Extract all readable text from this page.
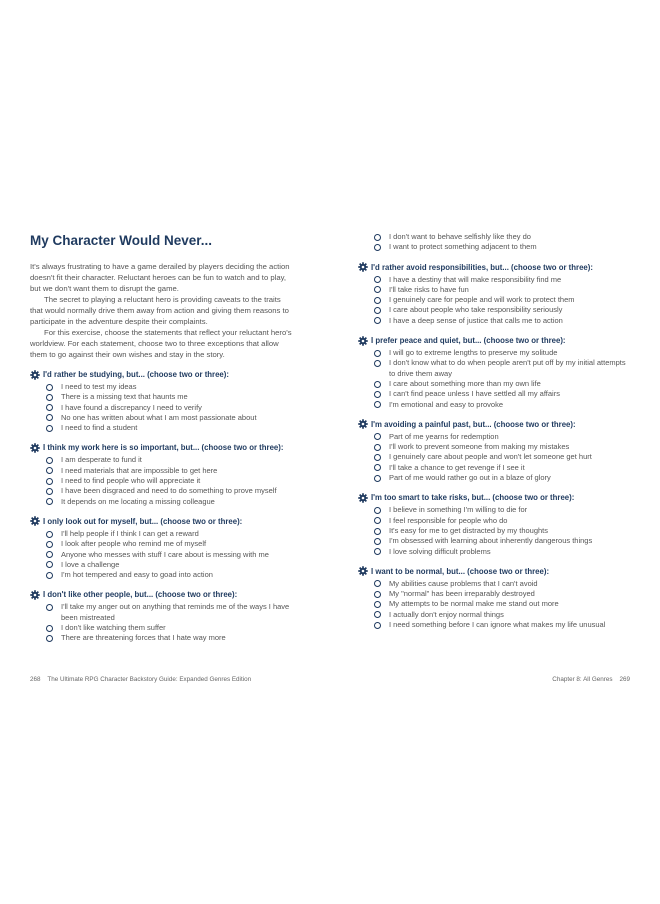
My Character Would Never...

It's always frustrating to have a game derailed by players deciding the action doesn't fit their character. Reluctant heroes can be fun to watch and to play, but we don't want them to disrupt the game.

The secret to playing a reluctant hero is providing caveats to the traits that would normally drive them away from action and giving them reasons to participate in the adventure despite their complaints.

For this exercise, choose the statements that reflect your reluctant hero's worldview. For each statement, choose two to three exceptions that allow them to go against their own wishes and stay in the story.

I'd rather be studying, but... (choose two or three):
I need to test my ideas
There is a missing text that haunts me
I have found a discrepancy I need to verify
No one has written about what I am most passionate about
I need to find a student
I think my work here is so important, but... (choose two or three):
I am desperate to fund it
I need materials that are impossible to get here
I need to find people who will appreciate it
I have been disgraced and need to do something to prove myself
It depends on me locating a missing colleague
I only look out for myself, but... (choose two or three):
I'll help people if I think I can get a reward
I look after people who remind me of myself
Anyone who messes with stuff I care about is messing with me
I love a challenge
I'm hot tempered and easy to goad into action
I don't like other people, but... (choose two or three):
I'll take my anger out on anything that reminds me of the ways I have been mistreated
I don't like watching them suffer
There are threatening forces that I hate way more
I don't want to behave selfishly like they do
I want to protect something adjacent to them
I'd rather avoid responsibilities, but... (choose two or three):
I have a destiny that will make responsibility find me
I'll take risks to have fun
I genuinely care for people and will work to protect them
I care about people who take responsibility seriously
I have a deep sense of justice that calls me to action
I prefer peace and quiet, but... (choose two or three):
I will go to extreme lengths to preserve my solitude
I don't know what to do when people aren't put off by my initial attempts to drive them away
I care about something more than my own life
I can't find peace unless I have settled all my affairs
I'm emotional and easy to provoke
I'm avoiding a painful past, but... (choose two or three):
Part of me yearns for redemption
I'll work to prevent someone from making my mistakes
I genuinely care about people and won't let someone get hurt
I'll take a chance to get revenge if I see it
Part of me would rather go out in a blaze of glory
I'm too smart to take risks, but... (choose two or three):
I believe in something I'm willing to die for
I feel responsible for people who do
It's easy for me to get distracted by my thoughts
I'm obsessed with learning about inherently dangerous things
I love solving difficult problems
I want to be normal, but... (choose two or three):
My abilities cause problems that I can't avoid
My "normal" has been irreparably destroyed
My attempts to be normal make me stand out more
I actually don't enjoy normal things
I need something before I can ignore what makes my life unusual
268 The Ultimate RPG Character Backstory Guide: Expanded Genres Edition	Chapter 8: All Genres 269
